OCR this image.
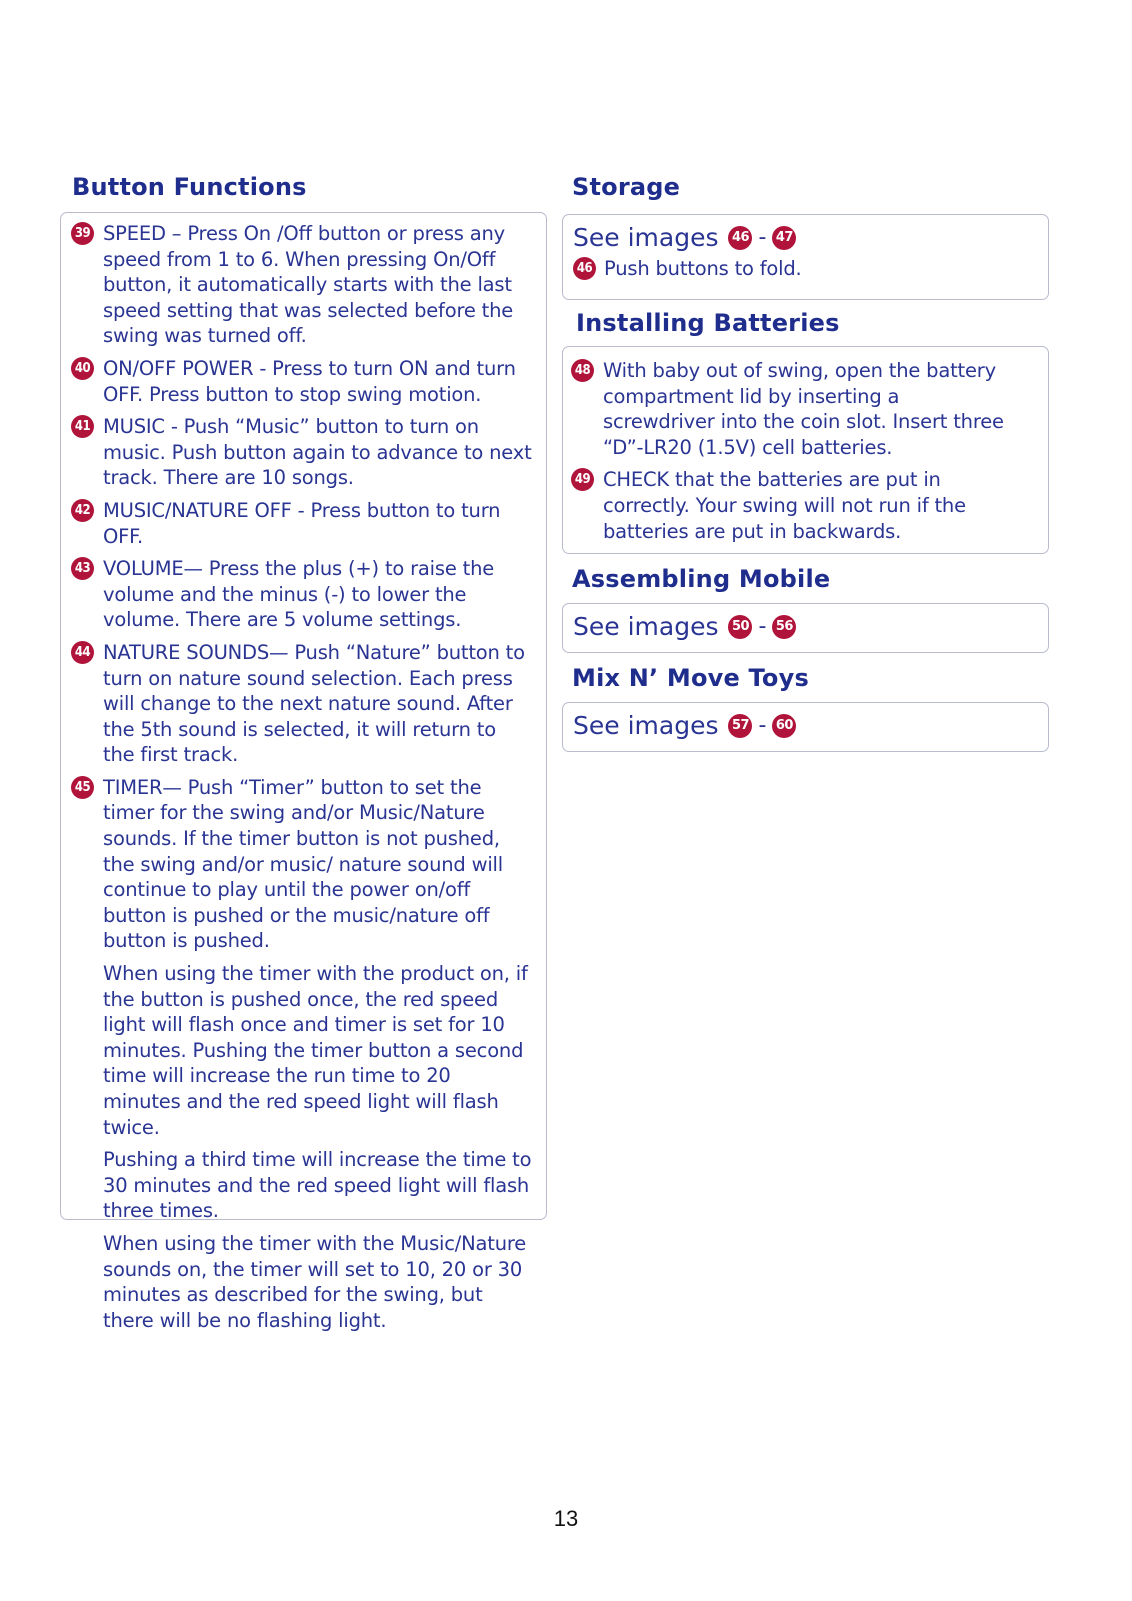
Button Functions
39 SPEED – Press On /Off button or press any speed from 1 to 6. When pressing On/Off button, it automatically starts with the last speed setting that was selected before the swing was turned off.
40 ON/OFF POWER - Press to turn ON and turn OFF. Press button to stop swing motion.
41 MUSIC - Push “Music” button to turn on music. Push button again to advance to next track. There are 10 songs.
42 MUSIC/NATURE OFF - Press button to turn OFF.
43 VOLUME— Press the plus (+) to raise the volume and the minus (-) to lower the volume. There are 5 volume settings.
44 NATURE SOUNDS— Push “Nature” button to turn on nature sound selection. Each press will change to the next nature sound. After the 5th sound is selected, it will return to the first track.
45 TIMER— Push “Timer” button to set the timer for the swing and/or Music/Nature sounds. If the timer button is not pushed, the swing and/or music/ nature sound will continue to play until the power on/off button is pushed or the music/nature off button is pushed.
When using the timer with the product on, if the button is pushed once, the red speed light will flash once and timer is set for 10 minutes. Pushing the timer button a second time will increase the run time to 20 minutes and the red speed light will flash twice.
Pushing a third time will increase the time to 30 minutes and the red speed light will flash three times.
When using the timer with the Music/Nature sounds on, the timer will set to 10, 20 or 30 minutes as described for the swing, but there will be no flashing light.
Storage
See images 46 - 47
46 Push buttons to fold.
Installing Batteries
48 With baby out of swing, open the battery compartment lid by inserting a screwdriver into the coin slot. Insert three “D”-LR20 (1.5V) cell batteries.
49 CHECK that the batteries are put in correctly. Your swing will not run if the batteries are put in backwards.
Assembling Mobile
See images 50 - 56
Mix N’ Move Toys
See images 57 - 60
13
